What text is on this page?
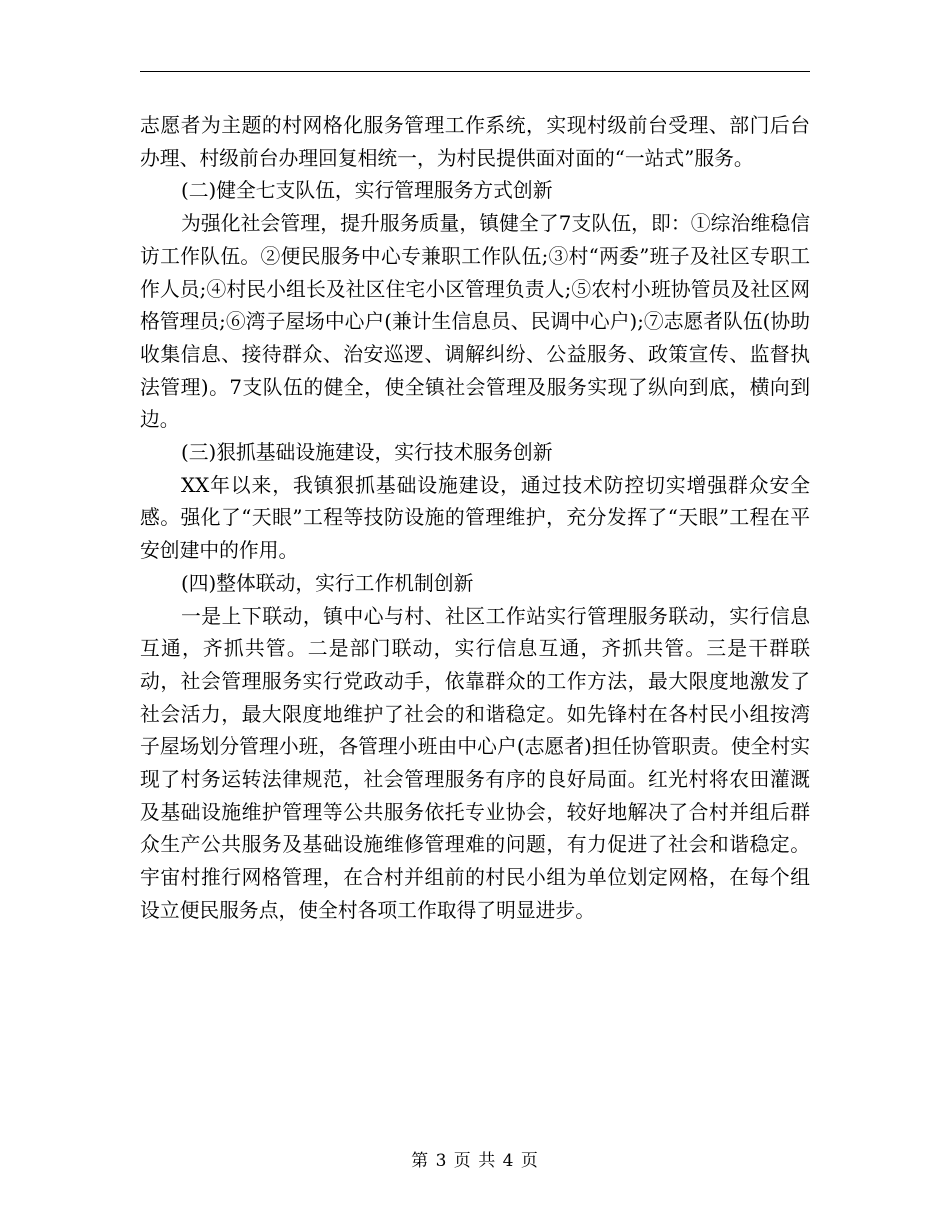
志愿者为主题的村网格化服务管理工作系统，实现村级前台受理、部门后台办理、村级前台办理回复相统一，为村民提供面对面的“一站式”服务。

(二)健全七支队伍，实行管理服务方式创新

为强化社会管理，提升服务质量，镇健全了7支队伍，即：①综治维稳信访工作队伍。②便民服务中心专兼职工作队伍;③村“两委”班子及社区专职工作人员;④村民小组长及社区住宅小区管理负责人;⑤农村小班协管员及社区网格管理员;⑥湾子屋场中心户(兼计生信息员、民调中心户);⑦志愿者队伍(协助收集信息、接待群众、治安巡逻、调解纠纷、公益服务、政策宣传、监督执法管理)。7支队伍的健全，使全镇社会管理及服务实现了纵向到底，横向到边。

(三)狠抓基础设施建设，实行技术服务创新

XX年以来，我镇狠抓基础设施建设，通过技术防控切实增强群众安全感。强化了“天眼”工程等技防设施的管理维护，充分发挥了“天眼”工程在平安创建中的作用。

(四)整体联动，实行工作机制创新

一是上下联动，镇中心与村、社区工作站实行管理服务联动，实行信息互通，齐抓共管。二是部门联动，实行信息互通，齐抓共管。三是干群联动，社会管理服务实行党政动手，依靠群众的工作方法，最大限度地激发了社会活力，最大限度地维护了社会的和谐稳定。如先锋村在各村民小组按湾子屋场划分管理小班，各管理小班由中心户(志愿者)担任协管职责。使全村实现了村务运转法律规范，社会管理服务有序的良好局面。红光村将农田灌溉及基础设施维护管理等公共服务依托专业协会，较好地解决了合村并组后群众生产公共服务及基础设施维修管理难的问题，有力促进了社会和谐稳定。宇宙村推行网格管理，在合村并组前的村民小组为单位划定网格，在每个组设立便民服务点，使全村各项工作取得了明显进步。

第 3 页 共 4 页
